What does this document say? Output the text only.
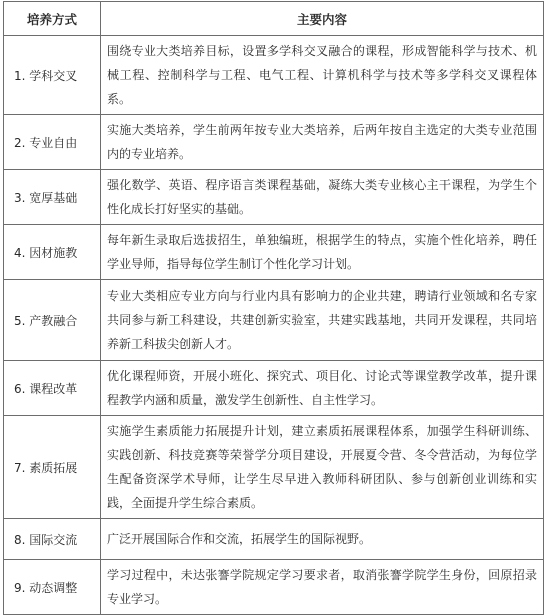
培养方式	主要内容
1. 学科交叉	围绕专业大类培养目标，设置多学科交叉融合的课程，形成智能科学与技术、机械工程、控制科学与工程、电气工程、计算机科学与技术等多学科交叉课程体系。
2. 专业自由	实施大类培养，学生前两年按专业大类培养，后两年按自主选定的大类专业范围内的专业培养。
3. 宽厚基础	强化数学、英语、程序语言类课程基础，凝练大类专业核心主干课程，为学生个性化成长打好坚实的基础。
4. 因材施教	每年新生录取后选拔招生，单独编班，根据学生的特点，实施个性化培养，聘任学业导师，指导每位学生制订个性化学习计划。
5. 产教融合	专业大类相应专业方向与行业内具有影响力的企业共建，聘请行业领域和名专家共同参与新工科建设，共建创新实验室，共建实践基地，共同开发课程，共同培养新工科拔尖创新人才。
6. 课程改革	优化课程师资，开展小班化、探究式、项目化、讨论式等课堂教学改革，提升课程教学内涵和质量，激发学生创新性、自主性学习。
7. 素质拓展	实施学生素质能力拓展提升计划，建立素质拓展课程体系，加强学生科研训练、实践创新、科技竞赛等荣誉学分项目建设，开展夏令营、冬令营活动，为每位学生配备资深学术导师，让学生尽早进入教师科研团队、参与创新创业训练和实践，全面提升学生综合素质。
8. 国际交流	广泛开展国际合作和交流，拓展学生的国际视野。
9. 动态调整	学习过程中，未达张謇学院规定学习要求者，取消张謇学院学生身份，回原招录专业学习。
